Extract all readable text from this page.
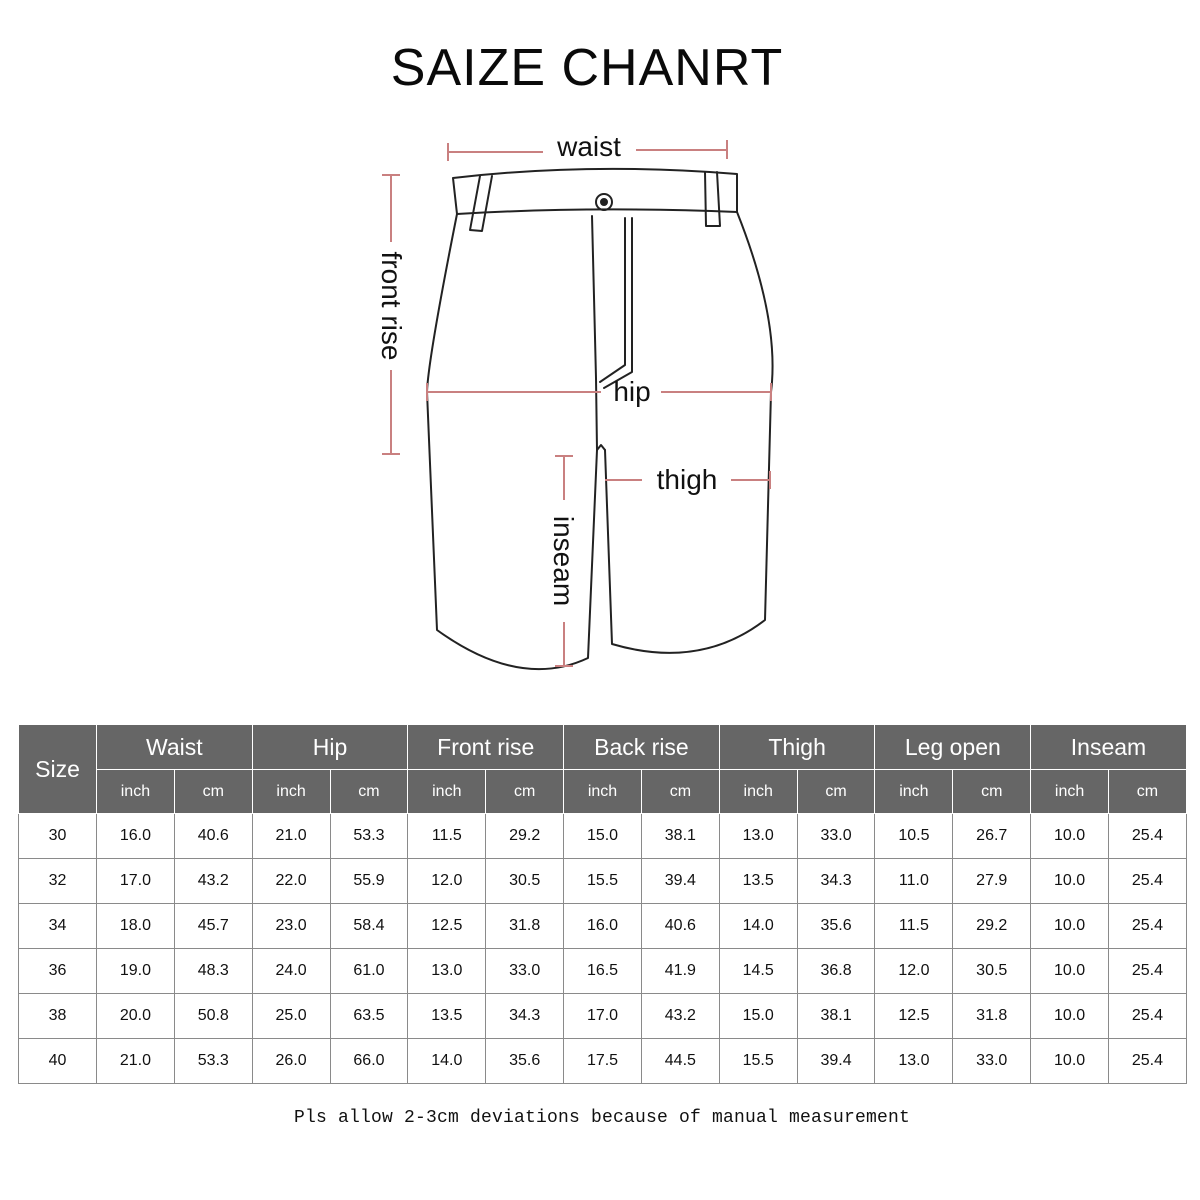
SAIZE CHANRT
waist
hip
thigh
front rise
inseam
Size	Waist		Hip		Front rise		Back rise		Thigh		Leg open		Inseam	
	inch	cm	inch	cm	inch	cm	inch	cm	inch	cm	inch	cm	inch	cm
30	16.0	40.6	21.0	53.3	11.5	29.2	15.0	38.1	13.0	33.0	10.5	26.7	10.0	25.4
32	17.0	43.2	22.0	55.9	12.0	30.5	15.5	39.4	13.5	34.3	11.0	27.9	10.0	25.4
34	18.0	45.7	23.0	58.4	12.5	31.8	16.0	40.6	14.0	35.6	11.5	29.2	10.0	25.4
36	19.0	48.3	24.0	61.0	13.0	33.0	16.5	41.9	14.5	36.8	12.0	30.5	10.0	25.4
38	20.0	50.8	25.0	63.5	13.5	34.3	17.0	43.2	15.0	38.1	12.5	31.8	10.0	25.4
40	21.0	53.3	26.0	66.0	14.0	35.6	17.5	44.5	15.5	39.4	13.0	33.0	10.0	25.4
Pls allow 2-3cm deviations because of manual measurement
